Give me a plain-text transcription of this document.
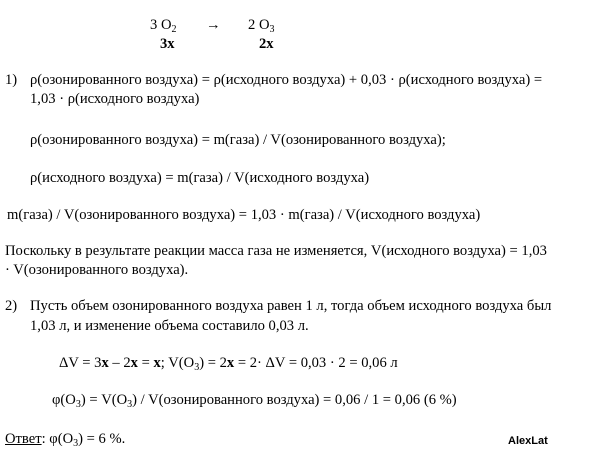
3 $O_2 \to 2$ $O_3$
3x	2x
1) ρ(озонированного воздуха) = ρ(исходного воздуха) + 0,03 · ρ(исходного воздуха) =
1,03 · ρ(исходного воздуха)
ρ(озонированного воздуха) = m(газа) / V(озонированного воздуха);
ρ(исходного воздуха) = m(газа) / V(исходного воздуха)
m(газа) / V(озонированного воздуха) = 1,03 · m(газа) / V(исходного воздуха)
Поскольку в результате реакции масса газа не изменяется, V(исходного воздуха) = 1,03
· V(озонированного воздуха).
2) Пусть объем озонированного воздуха равен 1 л, тогда объем исходного воздуха был
1,03 л, и изменение объема составило 0,03 л.
ΔV = 3x – 2x = x; $V(O_3) = 2x = 2\cdot \Delta V = 0,03 \cdot 2 = 0,06$ л
$\varphi(O_3) = V(O_3)$ / V(озонированного воздуха) = 0,06 / 1 = 0,06 (6 %)
Ответ: $\varphi(O_3) = 6$ %.	AlexLat
